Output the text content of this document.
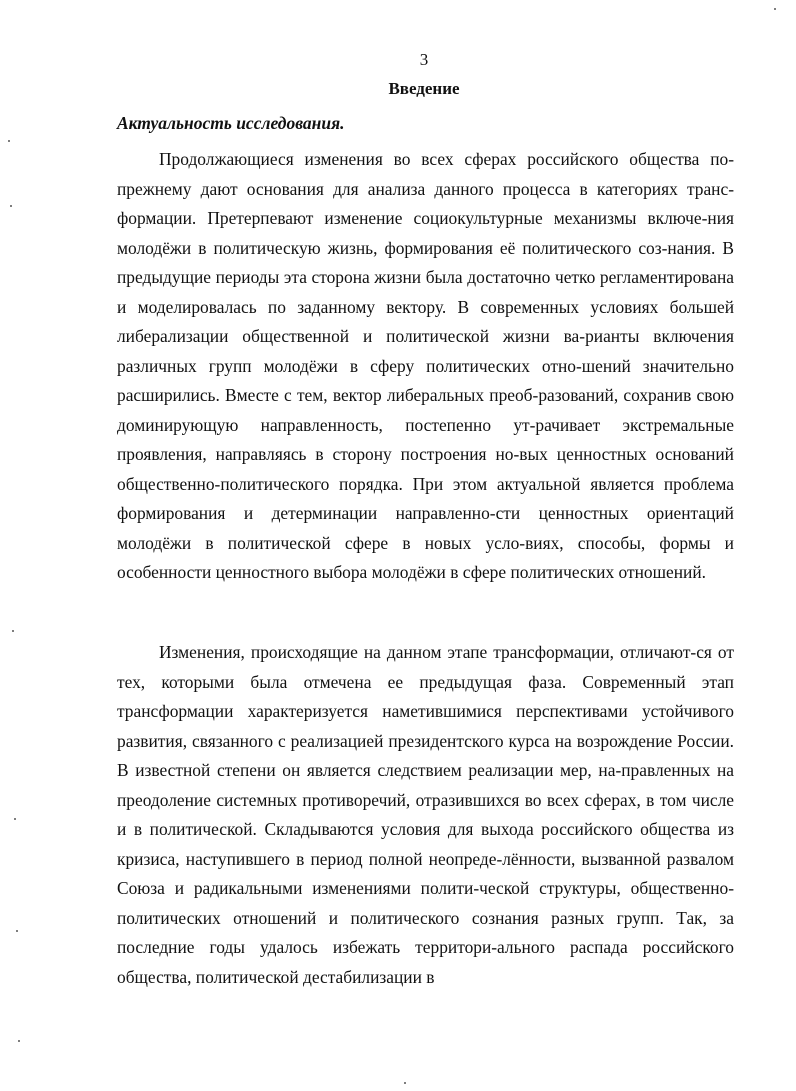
3
Введение
Актуальность исследования.

Продолжающиеся изменения во всех сферах российского общества по-прежнему дают основания для анализа данного процесса в категориях транс-формации. Претерпевают изменение социокультурные механизмы включе-ния молодёжи в политическую жизнь, формирования её политического соз-нания. В предыдущие периоды эта сторона жизни была достаточно четко регламентирована и моделировалась по заданному вектору. В современных условиях большей либерализации общественной и политической жизни ва-рианты включения различных групп молодёжи в сферу политических отно-шений значительно расширились. Вместе с тем, вектор либеральных преоб-разований, сохранив свою доминирующую направленность, постепенно ут-рачивает экстремальные проявления, направляясь в сторону построения но-вых ценностных оснований общественно-политического порядка. При этом актуальной является проблема формирования и детерминации направленно-сти ценностных ориентаций молодёжи в политической сфере в новых усло-виях, способы, формы и особенности ценностного выбора молодёжи в сфере политических отношений.

Изменения, происходящие на данном этапе трансформации, отличают-ся от тех, которыми была отмечена ее предыдущая фаза. Современный этап трансформации характеризуется наметившимися перспективами устойчивого развития, связанного с реализацией президентского курса на возрождение России. В известной степени он является следствием реализации мер, на-правленных на преодоление системных противоречий, отразившихся во всех сферах, в том числе и в политической. Складываются условия для выхода российского общества из кризиса, наступившего в период полной неопреде-лённости, вызванной развалом Союза и радикальными изменениями полити-ческой структуры, общественно-политических отношений и политического сознания разных групп. Так, за последние годы удалось избежать территори-ального распада российского общества, политической дестабилизации в
